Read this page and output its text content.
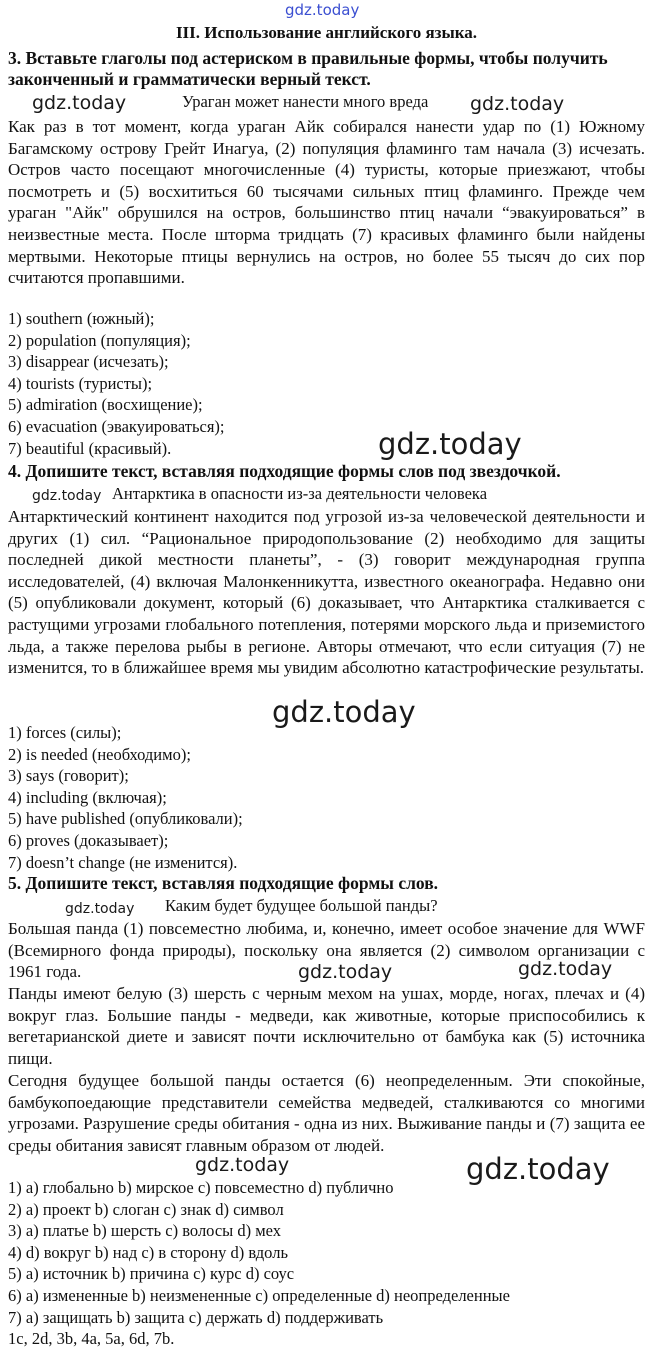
gdz.today
gdz.today	gdz.today
gdz.today
gdz.today
gdz.today
gdz.today
gdz.today	gdz.today
gdz.today	gdz.today
III. Использование английского языка.
3. Вставьте глаголы под астериском в правильные формы, чтобы получить законченный и грамматически верный текст.
Ураган может нанести много вреда

Как раз в тот момент, когда ураган Айк собирался нанести удар по (1) Южному Багамскому острову Грейт Инагуа, (2) популяция фламинго там начала (3) исчезать. Остров часто посещают многочисленные (4) туристы, которые приезжают, чтобы посмотреть и (5) восхититься 60 тысячами сильных птиц фламинго. Прежде чем ураган "Айк" обрушился на остров, большинство птиц начали “эвакуироваться” в неизвестные места. После шторма тридцать (7) красивых фламинго были найдены мертвыми. Некоторые птицы вернулись на остров, но более 55 тысяч до сих пор считаются пропавшими.

1) southern (южный);
2) population (популяция);
3) disappear (исчезать);
4) tourists (туристы);
5) admiration (восхищение);
6) evacuation (эвакуироваться);
7) beautiful (красивый).
4. Допишите текст, вставляя подходящие формы слов под звездочкой.
Антарктика в опасности из-за деятельности человека

Антарктический континент находится под угрозой из-за человеческой деятельности и других (1) сил. “Рациональное природопользование (2) необходимо для защиты последней дикой местности планеты”, - (3) говорит международная группа исследователей, (4) включая Малонкенникутта, известного океанографа. Недавно они (5) опубликовали документ, который (6) доказывает, что Антарктика сталкивается с растущими угрозами глобального потепления, потерями морского льда и приземистого льда, а также перелова рыбы в регионе. Авторы отмечают, что если ситуация (7) не изменится, то в ближайшее время мы увидим абсолютно катастрофические результаты.

1) forces (силы);
2) is needed (необходимо);
3) says (говорит);
4) including (включая);
5) have published (опубликовали);
6) proves (доказывает);
7) doesn’t change (не изменится).
5. Допишите текст, вставляя подходящие формы слов.
Каким будет будущее большой панды?

Большая панда (1) повсеместно любима, и, конечно, имеет особое значение для WWF (Всемирного фонда природы), поскольку она является (2) символом организации с 1961 года.

Панды имеют белую (3) шерсть с черным мехом на ушах, морде, ногах, плечах и (4) вокруг глаз. Большие панды - медведи, как животные, которые приспособились к вегетарианской диете и зависят почти исключительно от бамбука как (5) источника пищи.

Сегодня будущее большой панды остается (6) неопределенным. Эти спокойные, бамбукопоедающие представители семейства медведей, сталкиваются со многими угрозами. Разрушение среды обитания - одна из них. Выживание панды и (7) защита ее среды обитания зависят главным образом от людей.

1) a) глобально b) мирское c) повсеместно d) публично
2) a) проект b) слоган c) знак d) символ
3) a) платье b) шерсть c) волосы d) мех
4) d) вокруг b) над c) в сторону d) вдоль
5) a) источник b) причина c) курс d) соус
6) a) измененные b) неизмененные c) определенные d) неопределенные
7) a) защищать b) защита c) держать d) поддерживать
1c, 2d, 3b, 4a, 5a, 6d, 7b.
